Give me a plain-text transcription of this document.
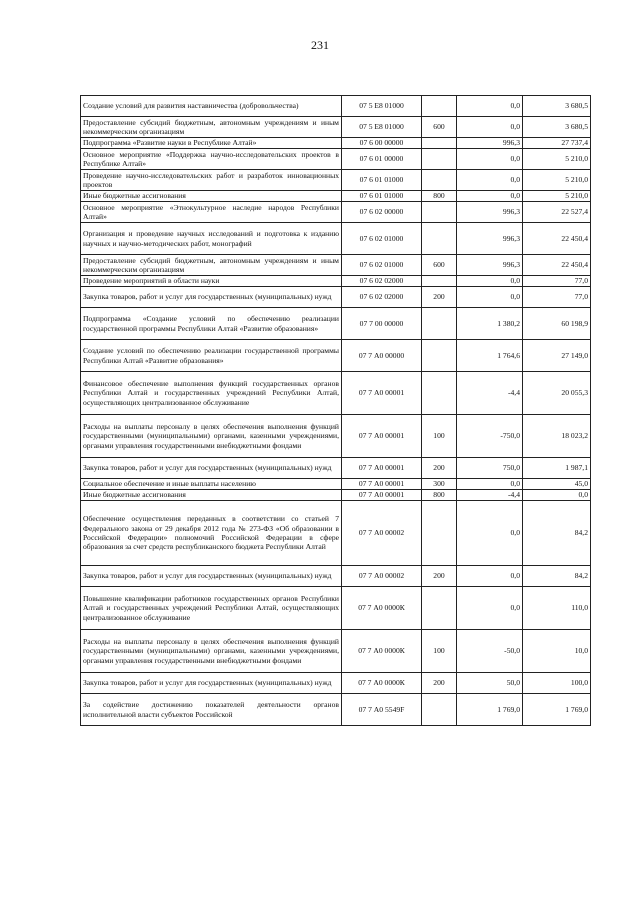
231
Создание условий для развития наставничества (добровольчества)	07 5 E8 01000		0,0	3 680,5
Предоставление субсидий бюджетным, автономным учреждениям и иным некоммерческим организациям	07 5 E8 01000	600	0,0	3 680,5
Подпрограмма «Развитие науки в Республике Алтай»	07 6 00 00000		996,3	27 737,4
Основное мероприятие «Поддержка научно-исследовательских проектов в Республике Алтай»	07 6 01 00000		0,0	5 210,0
Проведение научно-исследовательских работ и разработок инновационных проектов	07 6 01 01000		0,0	5 210,0
Иные бюджетные ассигнования	07 6 01 01000	800	0,0	5 210,0
Основное мероприятие «Этнокультурное наследие народов Республики Алтай»	07 6 02 00000		996,3	22 527,4
Организация и проведение научных исследований и подготовка к изданию научных и научно-методических работ, монографий	07 6 02 01000		996,3	22 450,4
Предоставление субсидий бюджетным, автономным учреждениям и иным некоммерческим организациям	07 6 02 01000	600	996,3	22 450,4
Проведение мероприятий в области науки	07 6 02 02000		0,0	77,0
Закупка товаров, работ и услуг для государственных (муниципальных) нужд	07 6 02 02000	200	0,0	77,0
Подпрограмма «Создание условий по обеспечению реализации государственной программы Республики Алтай «Развитие образования»	07 7 00 00000		1 380,2	60 198,9
Создание условий по обеспечению реализации государственной программы Республики Алтай «Развитие образования»	07 7 А0 00000		1 764,6	27 149,0
Финансовое обеспечение выполнения функций государственных органов Республики Алтай и государственных учреждений Республики Алтай, осуществляющих централизованное обслуживание	07 7 А0 00001		-4,4	20 055,3
Расходы на выплаты персоналу в целях обеспечения выполнения функций государственными (муниципальными) органами, казенными учреждениями, органами управления государственными внебюджетными фондами	07 7 А0 00001	100	-750,0	18 023,2
Закупка товаров, работ и услуг для государственных (муниципальных) нужд	07 7 А0 00001	200	750,0	1 987,1
Социальное обеспечение и иные выплаты населению	07 7 А0 00001	300	0,0	45,0
Иные бюджетные ассигнования	07 7 А0 00001	800	-4,4	0,0
Обеспечение осуществления переданных в соответствии со статьей 7 Федерального закона от 29 декабря 2012 года № 273-ФЗ «Об образовании в Российской Федерации» полномочий Российской Федерации в сфере образования за счет средств республиканского бюджета Республики Алтай	07 7 А0 00002		0,0	84,2
Закупка товаров, работ и услуг для государственных (муниципальных) нужд	07 7 А0 00002	200	0,0	84,2
Повышение квалификации работников государственных органов Республики Алтай и государственных учреждений Республики Алтай, осуществляющих централизованное обслуживание	07 7 А0 0000К		0,0	110,0
Расходы на выплаты персоналу в целях обеспечения выполнения функций государственными (муниципальными) органами, казенными учреждениями, органами управления государственными внебюджетными фондами	07 7 А0 0000К	100	-50,0	10,0
Закупка товаров, работ и услуг для государственных (муниципальных) нужд	07 7 А0 0000К	200	50,0	100,0
За содействие достижению показателей деятельности органов исполнительной власти субъектов Российской	07 7 А0 5549F		1 769,0	1 769,0
